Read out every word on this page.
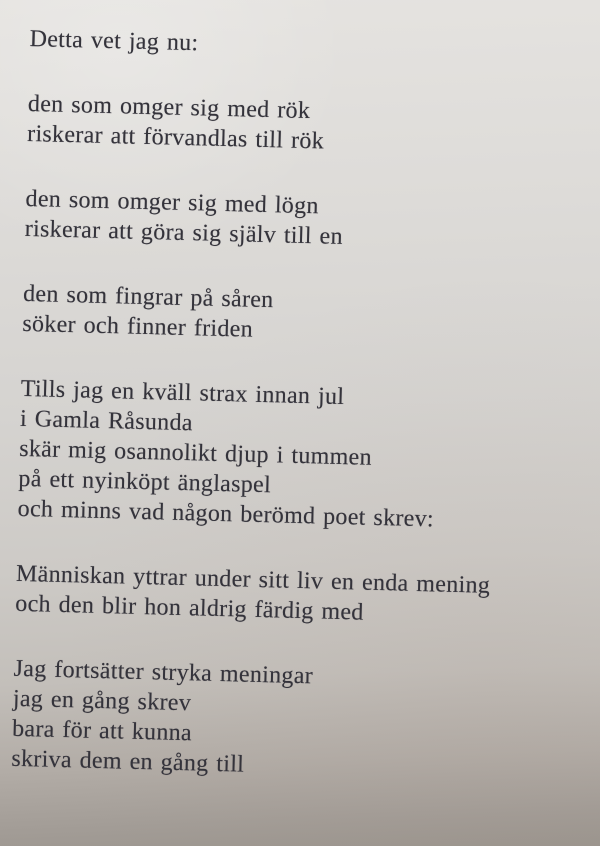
Detta vet jag nu:
den som omger sig med rök
riskerar att förvandlas till rök
den som omger sig med lögn
riskerar att göra sig själv till en
den som fingrar på såren
söker och finner friden
Tills jag en kväll strax innan jul
i Gamla Råsunda
skär mig osannolikt djup i tummen
på ett nyinköpt änglaspel
och minns vad någon berömd poet skrev:
Människan yttrar under sitt liv en enda mening
och den blir hon aldrig färdig med
Jag fortsätter stryka meningar
jag en gång skrev
bara för att kunna
skriva dem en gång till
